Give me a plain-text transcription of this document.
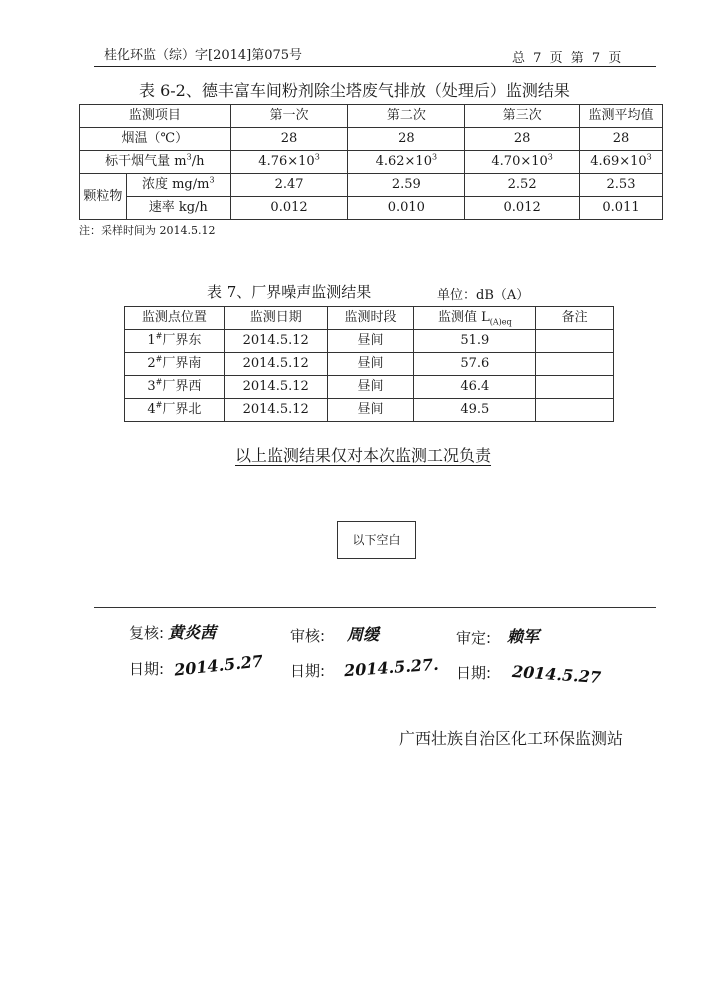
桂化环监（综）字[2014]第075号	总 7 页 第 7 页
表 6-2、德丰富车间粉剂除尘塔废气排放（处理后）监测结果
监测项目		第一次	第二次	第三次	监测平均值
烟温（℃）		28	28	28	28
标干烟气量 $m^3/h$		$4.76\times 10^3$	$4.62\times 10^3$	$4.70\times 10^3$	$4.69\times 10^3$
颗粒物	浓度 $mg/m^3$	2.47	2.59	2.52	2.53
	速率 kg/h	0.012	0.010	0.012	0.011
注：采样时间为 2014.5.12
表 7、厂界噪声监测结果	单位：dB（A）
监测点位置	监测日期	监测时段	监测值 $L_{(A)eq}$	备注
1#厂界东	2014.5.12	昼间	51.9	
2#厂界南	2014.5.12	昼间	57.6	
3#厂界西	2014.5.12	昼间	46.4	
4#厂界北	2014.5.12	昼间	49.5	
以上监测结果仅对本次监测工况负责
以下空白
复核: 黄炎茜	审核: 周缓	审定: 赖军
日期: 2014.5.27 日期: 2014.5.27. 日期: 2014.5.27
广西壮族自治区化工环保监测站
